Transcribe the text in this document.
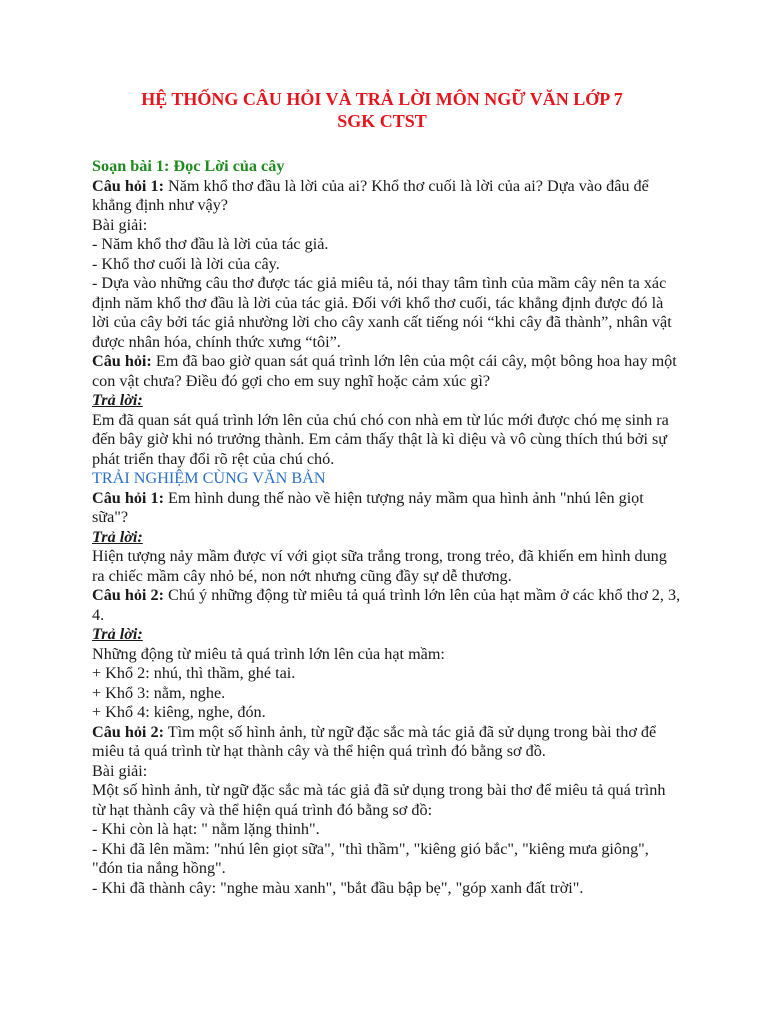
HỆ THỐNG CÂU HỎI VÀ TRẢ LỜI MÔN NGỮ VĂN LỚP 7
SGK CTST

Soạn bài 1: Đọc Lời của cây

Câu hỏi 1: Năm khổ thơ đầu là lời của ai? Khổ thơ cuối là lời của ai? Dựa vào đâu để khẳng định như vậy?

Bài giải:

- Năm khổ thơ đầu là lời của tác giả.

- Khổ thơ cuối là lời của cây.

- Dựa vào những câu thơ được tác giả miêu tả, nói thay tâm tình của mầm cây nên ta xác định năm khổ thơ đầu là lời của tác giả. Đối với khổ thơ cuối, tác khẳng định được đó là lời của cây bởi tác giả nhường lời cho cây xanh cất tiếng nói “khi cây đã thành”, nhân vật được nhân hóa, chính thức xưng “tôi”.

Câu hỏi: Em đã bao giờ quan sát quá trình lớn lên của một cái cây, một bông hoa hay một con vật chưa? Điều đó gợi cho em suy nghĩ hoặc cảm xúc gì?

Trả lời:

Em đã quan sát quá trình lớn lên của chú chó con nhà em từ lúc mới được chó mẹ sinh ra đến bây giờ khi nó trưởng thành. Em cảm thấy thật là kì diệu và vô cùng thích thú bởi sự phát triển thay đổi rõ rệt của chú chó.

TRẢI NGHIỆM CÙNG VĂN BẢN

Câu hỏi 1: Em hình dung thế nào về hiện tượng nảy mầm qua hình ảnh "nhú lên giọt sữa"?

Trả lời:

Hiện tượng nảy mầm được ví với giọt sữa trắng trong, trong trẻo, đã khiến em hình dung ra chiếc mầm cây nhỏ bé, non nớt nhưng cũng đầy sự dễ thương.

Câu hỏi 2: Chú ý những động từ miêu tả quá trình lớn lên của hạt mầm ở các khổ thơ 2, 3, 4.

Trả lời:

Những động từ miêu tả quá trình lớn lên của hạt mầm:

+ Khổ 2: nhú, thì thầm, ghé tai.

+ Khổ 3: nằm, nghe.

+ Khổ 4: kiêng, nghe, đón.

Câu hỏi 2: Tìm một số hình ảnh, từ ngữ đặc sắc mà tác giả đã sử dụng trong bài thơ để miêu tả quá trình từ hạt thành cây và thể hiện quá trình đó bằng sơ đồ.

Bài giải:

Một số hình ảnh, từ ngữ đặc sắc mà tác giả đã sử dụng trong bài thơ để miêu tả quá trình từ hạt thành cây và thể hiện quá trình đó bằng sơ đồ:

- Khi còn là hạt: " nằm lặng thinh".

- Khi đã lên mầm: "nhú lên giọt sữa", "thì thầm", "kiêng gió bắc", "kiêng mưa giông", "đón tia nắng hồng".

- Khi đã thành cây: "nghe màu xanh", "bắt đầu bập bẹ", "góp xanh đất trời".
